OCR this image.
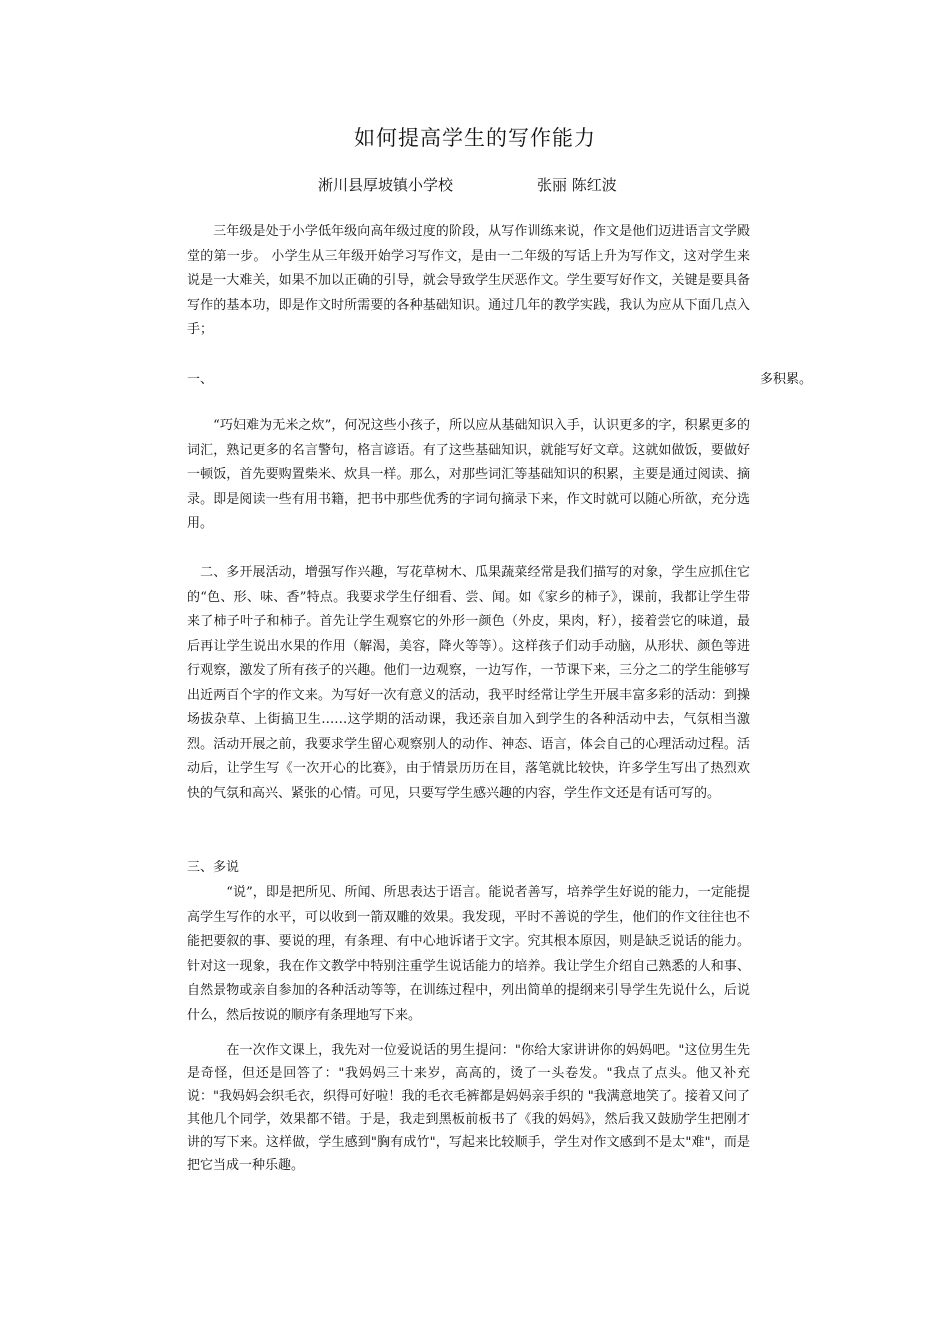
如何提高学生的写作能力
淅川县厚坡镇小学校	张丽 陈红波

　　三年级是处于小学低年级向高年级过度的阶段，从写作训练来说，作文是他们迈进语言文学殿堂的第一步。 小学生从三年级开始学习写作文，是由一二年级的写话上升为写作文，这对学生来说是一大难关，如果不加以正确的引导，就会导致学生厌恶作文。学生要写好作文，关键是要具备写作的基本功，即是作文时所需要的各种基础知识。通过几年的教学实践，我认为应从下面几点入手；

一、	多积累。

　　“巧妇难为无米之炊”，何况这些小孩子，所以应从基础知识入手，认识更多的字，积累更多的词汇，熟记更多的名言警句，格言谚语。有了这些基础知识，就能写好文章。这就如做饭，要做好一顿饭，首先要购置柴米、炊具一样。那么，对那些词汇等基础知识的积累，主要是通过阅读、摘录。即是阅读一些有用书籍，把书中那些优秀的字词句摘录下来，作文时就可以随心所欲，充分选用。

　二、多开展活动，增强写作兴趣，写花草树木、瓜果蔬菜经常是我们描写的对象，学生应抓住它的“色、形、味、香”特点。我要求学生仔细看、尝、闻。如《家乡的柿子》，课前，我都让学生带来了柿子叶子和柿子。首先让学生观察它的外形一颜色（外皮，果肉，籽），接着尝它的味道，最后再让学生说出水果的作用（解渴，美容，降火等等）。这样孩子们动手动脑，从形状、颜色等进行观察，激发了所有孩子的兴趣。他们一边观察，一边写作，一节课下来，三分之二的学生能够写出近两百个字的作文来。为写好一次有意义的活动，我平时经常让学生开展丰富多彩的活动：到操场拔杂草、上街搞卫生……这学期的活动课，我还亲自加入到学生的各种活动中去，气氛相当激烈。活动开展之前，我要求学生留心观察别人的动作、神态、语言，体会自己的心理活动过程。活动后，让学生写《一次开心的比赛》，由于情景历历在目，落笔就比较快，许多学生写出了热烈欢快的气氛和高兴、紧张的心情。可见，只要写学生感兴趣的内容，学生作文还是有话可写的。

三、多说

　　　“说”，即是把所见、所闻、所思表达于语言。能说者善写，培养学生好说的能力，一定能提高学生写作的水平，可以收到一箭双雕的效果。我发现，平时不善说的学生，他们的作文往往也不能把要叙的事、要说的理，有条理、有中心地诉诸于文字。究其根本原因，则是缺乏说话的能力。针对这一现象，我在作文教学中特别注重学生说话能力的培养。我让学生介绍自己熟悉的人和事、自然景物或亲自参加的各种活动等等，在训练过程中，列出简单的提纲来引导学生先说什么，后说什么，然后按说的顺序有条理地写下来。

　　　在一次作文课上，我先对一位爱说话的男生提问："你给大家讲讲你的妈妈吧。"这位男生先是奇怪，但还是回答了："我妈妈三十来岁，高高的，烫了一头卷发。"我点了点头。他又补充说："我妈妈会织毛衣，织得可好啦！我的毛衣毛裤都是妈妈亲手织的 "我满意地笑了。接着又问了其他几个同学，效果都不错。于是，我走到黑板前板书了《我的妈妈》，然后我又鼓励学生把刚才讲的写下来。这样做，学生感到"胸有成竹"，写起来比较顺手，学生对作文感到不是太"难"，而是把它当成一种乐趣。
